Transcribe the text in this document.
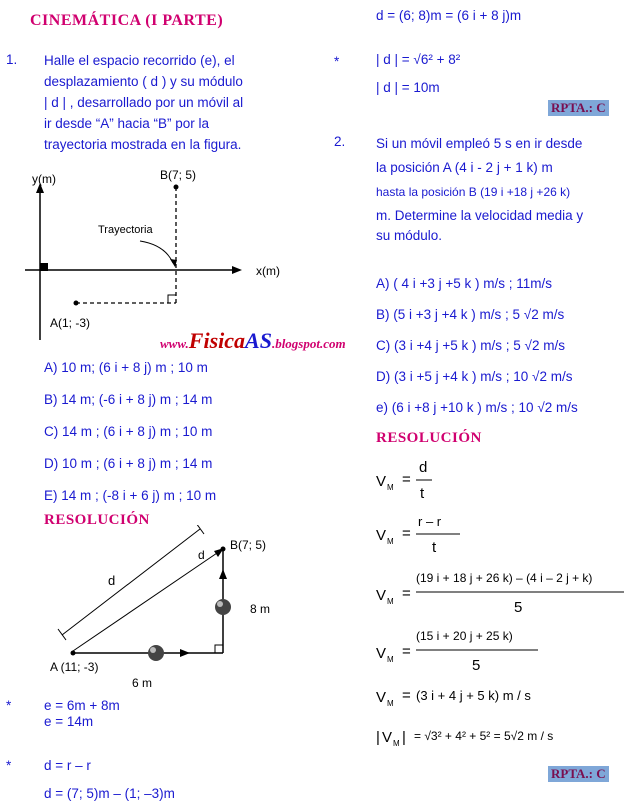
CINEMÁTICA (I PARTE)
1. Halle el espacio recorrido (e), el
desplazamiento ( d ) y su módulo
| d | , desarrollado por un móvil al
ir desde “A” hacia “B” por la
trayectoria mostrada en la figura.
y(m)
x(m)
B(7; 5)
A(1; -3)
Trayectoria
A) 10 m; (6 i + 8 j) m ; 10 m
B) 14 m; (-6 i + 8 j) m ; 14 m
C) 14 m ; (6 i + 8 j) m ; 10 m
D) 10 m ; (6 i + 8 j) m ; 14 m
E) 14 m ; (-8 i + 6 j) m ; 10 m
RESOLUCIÓN
B(7; 5)
A (11; -3)
d
d
8 m
6 m
* e = 6m + 8m
e = 14m
* d = r – r
d = (7; 5)m – (1; –3)m
www.FisicaAS.blogspot.com
d = (6; 8)m = (6 i + 8 j)m
*	| d | = √6² + 8²
| d | = 10m
RPTA.: C
2. Si un móvil empleó 5 s en ir desde
la posición A (4 i - 2 j + 1 k) m
hasta la posición B (19 i +18 j +26 k)
m. Determine la velocidad media y
su módulo.
A) ( 4 i +3 j +5 k ) m/s ; 11m/s
B) (5 i +3 j +4 k ) m/s ; 5 √2 m/s
C) (3 i +4 j +5 k ) m/s ; 5 √2 m/s
D) (3 i +5 j +4 k ) m/s ; 10 √2 m/s
e) (6 i +8 j +10 k ) m/s ; 10 √2 m/s
RESOLUCIÓN
V M =
d
t
V M =
r – r
t
V M =
(19 i + 18 j + 26 k) – (4 i – 2 j + k)
5
V M =
(15 i + 20 j + 25 k)
5
V M = (3 i + 4 j + 5 k) m / s
| V M | = √3² + 4² + 5² = 5√2 m / s
RPTA.: C
